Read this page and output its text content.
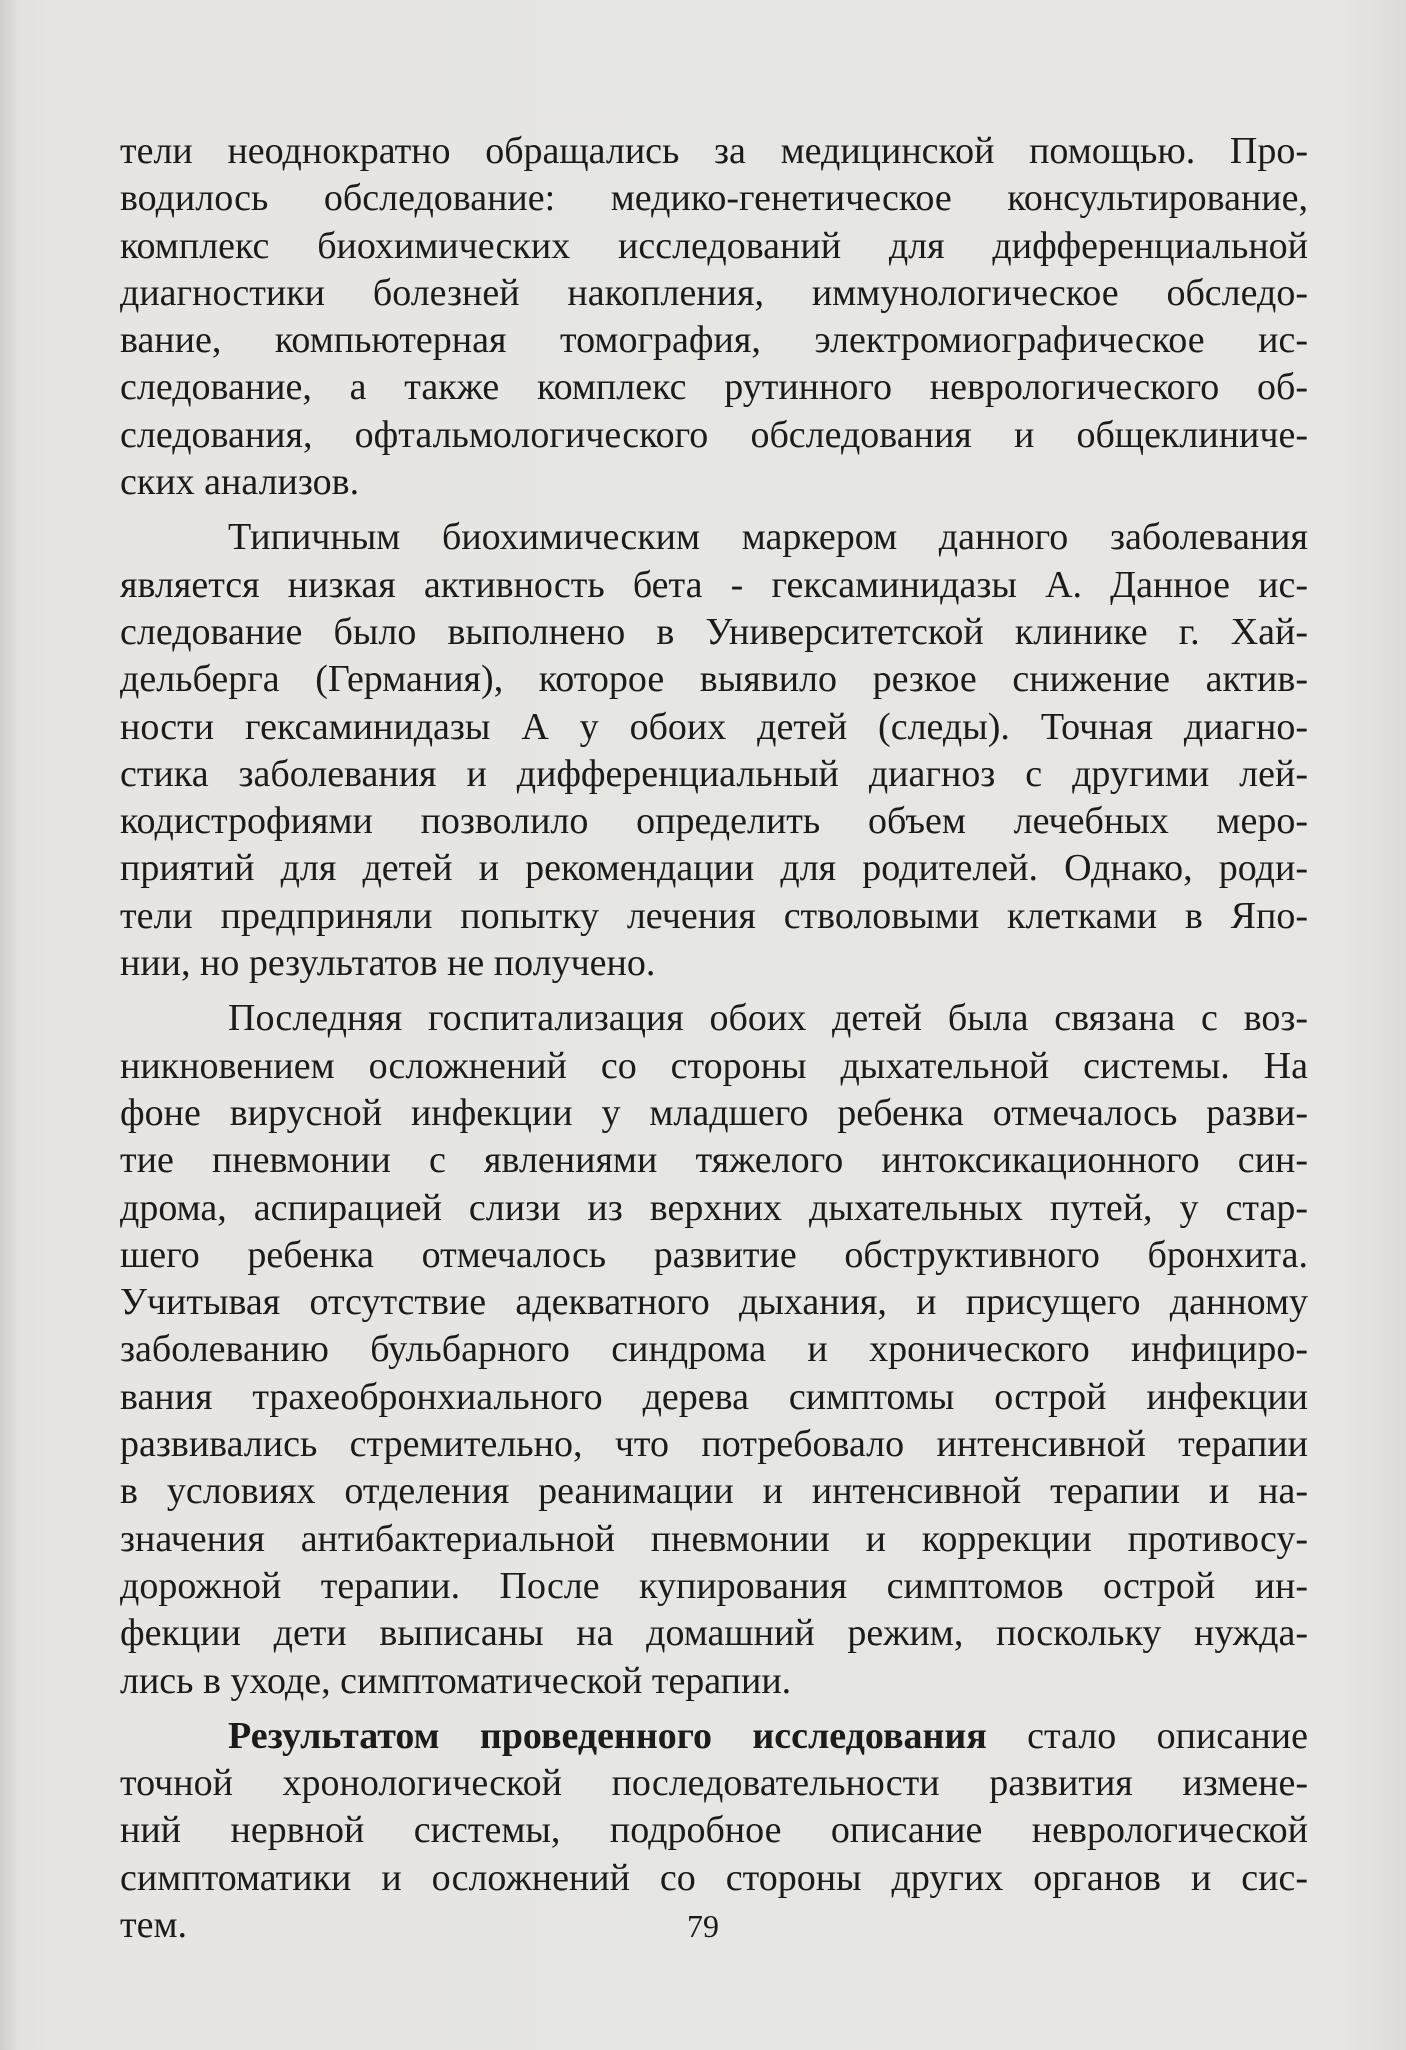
тели неоднократно обращались за медицинской помощью. Про-
водилось обследование: медико-генетическое консультирование,
комплекс биохимических исследований для дифференциальной
диагностики болезней накопления, иммунологическое обследо-
вание, компьютерная томография, электромиографическое ис-
следование, а также комплекс рутинного неврологического об-
следования, офтальмологического обследования и общеклиниче-
ских анализов.
Типичным биохимическим маркером данного заболевания
является низкая активность бета - гексаминидазы А. Данное ис-
следование было выполнено в Университетской клинике г. Хай-
дельберга (Германия), которое выявило резкое снижение актив-
ности гексаминидазы А у обоих детей (следы). Точная диагно-
стика заболевания и дифференциальный диагноз с другими лей-
кодистрофиями позволило определить объем лечебных меро-
приятий для детей и рекомендации для родителей. Однако, роди-
тели предприняли попытку лечения стволовыми клетками в Япо-
нии, но результатов не получено.
Последняя госпитализация обоих детей была связана с воз-
никновением осложнений со стороны дыхательной системы. На
фоне вирусной инфекции у младшего ребенка отмечалось разви-
тие пневмонии с явлениями тяжелого интоксикационного син-
дрома, аспирацией слизи из верхних дыхательных путей, у стар-
шего ребенка отмечалось развитие обструктивного бронхита.
Учитывая отсутствие адекватного дыхания, и присущего данному
заболеванию бульбарного синдрома и хронического инфициро-
вания трахеобронхиального дерева симптомы острой инфекции
развивались стремительно, что потребовало интенсивной терапии
в условиях отделения реанимации и интенсивной терапии и на-
значения антибактериальной пневмонии и коррекции противосу-
дорожной терапии. После купирования симптомов острой ин-
фекции дети выписаны на домашний режим, поскольку нужда-
лись в уходе, симптоматической терапии.
Результатом проведенного исследования стало описание
точной хронологической последовательности развития измене-
ний нервной системы, подробное описание неврологической
симптоматики и осложнений со стороны других органов и сис-
тем.	79
